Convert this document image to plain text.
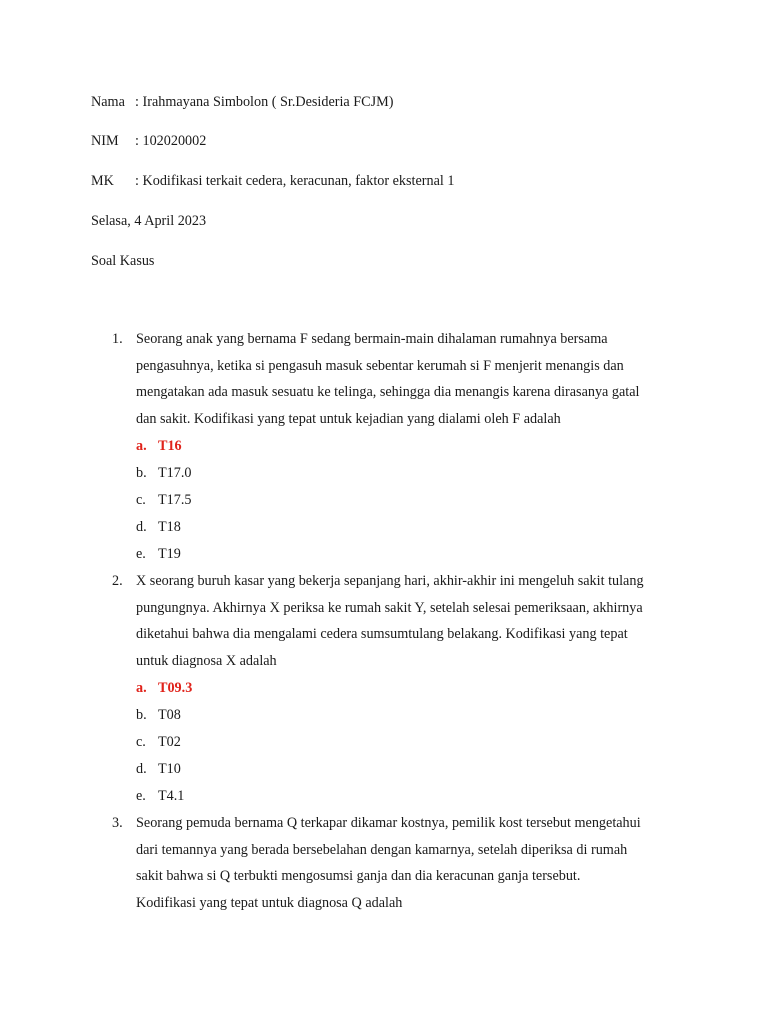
Nama : Irahmayana Simbolon ( Sr.Desideria FCJM)
NIM : 102020002
MK : Kodifikasi terkait cedera, keracunan, faktor eksternal 1
Selasa, 4 April 2023
Soal Kasus
1. Seorang anak yang bernama F sedang bermain-main dihalaman rumahnya bersama
pengasuhnya, ketika si pengasuh masuk sebentar kerumah si F menjerit menangis dan
mengatakan ada masuk sesuatu ke telinga, sehingga dia menangis karena dirasanya gatal
dan sakit. Kodifikasi yang tepat untuk kejadian yang dialami oleh F adalah
a. T16
b. T17.0
c. T17.5
d. T18
e. T19
2. X seorang buruh kasar yang bekerja sepanjang hari, akhir-akhir ini mengeluh sakit tulang
pungungnya. Akhirnya X periksa ke rumah sakit Y, setelah selesai pemeriksaan, akhirnya
diketahui bahwa dia mengalami cedera sumsumtulang belakang. Kodifikasi yang tepat
untuk diagnosa X adalah
a. T09.3
b. T08
c. T02
d. T10
e. T4.1
3. Seorang pemuda bernama Q terkapar dikamar kostnya, pemilik kost tersebut mengetahui
dari temannya yang berada bersebelahan dengan kamarnya, setelah diperiksa di rumah
sakit bahwa si Q terbukti mengosumsi ganja dan dia keracunan ganja tersebut.
Kodifikasi yang tepat untuk diagnosa Q adalah
